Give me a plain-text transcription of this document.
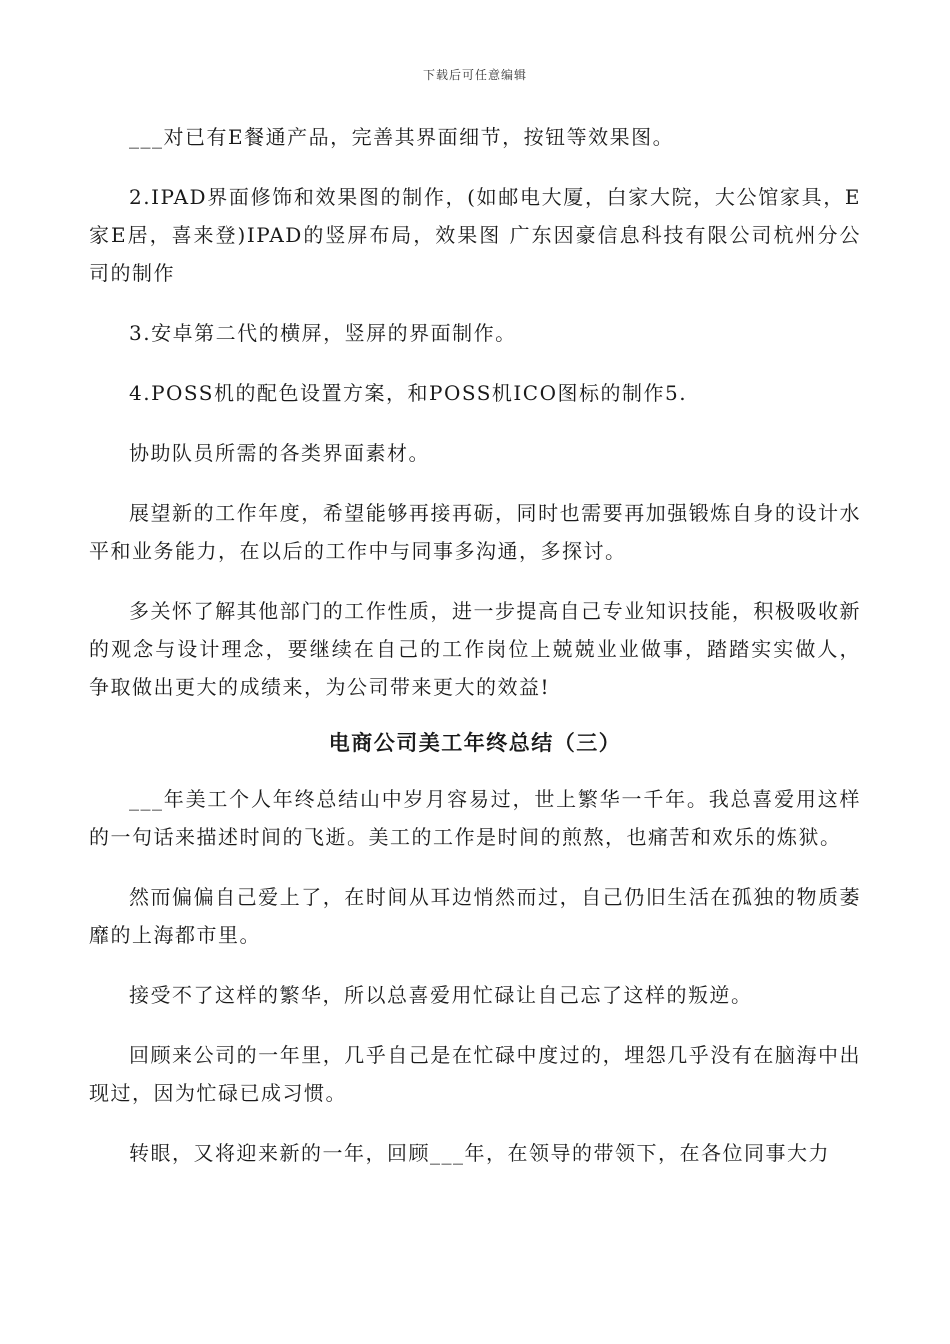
下载后可任意编辑

___对已有E餐通产品，完善其界面细节，按钮等效果图。

2.IPAD界面修饰和效果图的制作，(如邮电大厦，白家大院，大公馆家具，E家E居，喜来登)IPAD的竖屏布局，效果图 广东因豪信息科技有限公司杭州分公司的制作

3.安卓第二代的横屏，竖屏的界面制作。

4.POSS机的配色设置方案，和POSS机ICO图标的制作5.

协助队员所需的各类界面素材。

展望新的工作年度，希望能够再接再砺，同时也需要再加强锻炼自身的设计水平和业务能力，在以后的工作中与同事多沟通，多探讨。

多关怀了解其他部门的工作性质，进一步提高自己专业知识技能，积极吸收新的观念与设计理念，要继续在自己的工作岗位上兢兢业业做事，踏踏实实做人，争取做出更大的成绩来，为公司带来更大的效益!

电商公司美工年终总结（三）

___年美工个人年终总结山中岁月容易过，世上繁华一千年。我总喜爱用这样的一句话来描述时间的飞逝。美工的工作是时间的煎熬，也痛苦和欢乐的炼狱。

然而偏偏自己爱上了，在时间从耳边悄然而过，自己仍旧生活在孤独的物质萎靡的上海都市里。

接受不了这样的繁华，所以总喜爱用忙碌让自己忘了这样的叛逆。

回顾来公司的一年里，几乎自己是在忙碌中度过的，埋怨几乎没有在脑海中出现过，因为忙碌已成习惯。

转眼，又将迎来新的一年，回顾___年，在领导的带领下，在各位同事大力
